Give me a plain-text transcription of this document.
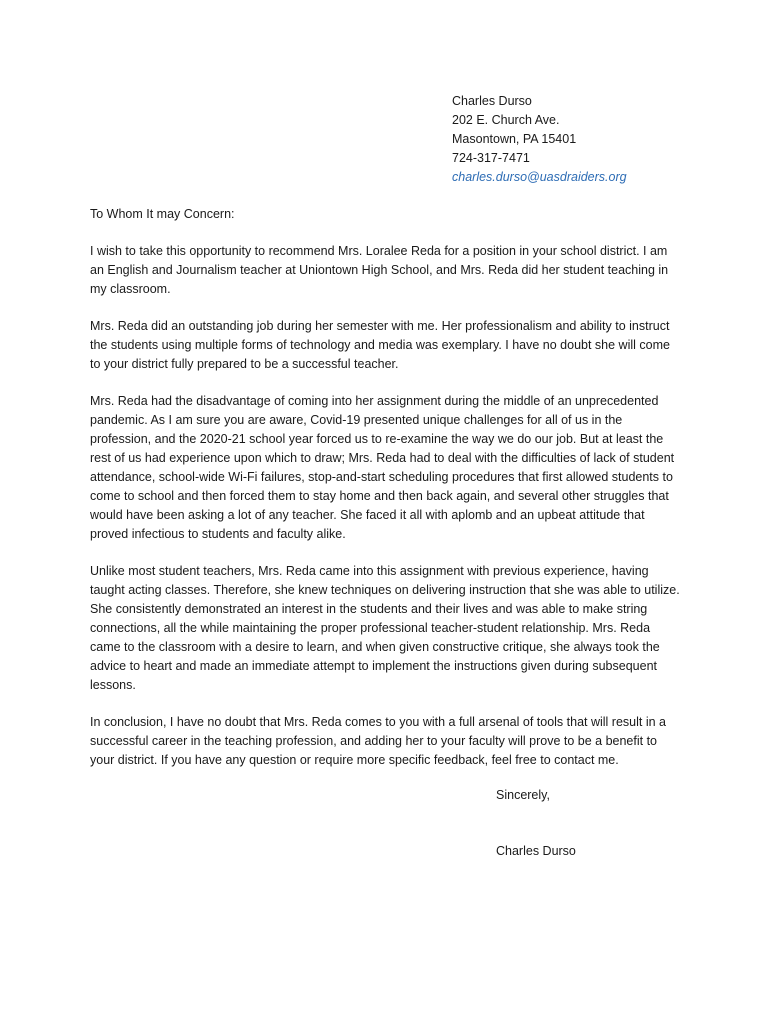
Charles Durso
202 E. Church Ave.
Masontown, PA 15401
724-317-7471
charles.durso@uasdraiders.org
To Whom It may Concern:

I wish to take this opportunity to recommend Mrs. Loralee Reda for a position in your school district. I am an English and Journalism teacher at Uniontown High School, and Mrs. Reda did her student teaching in my classroom.

Mrs. Reda did an outstanding job during her semester with me. Her professionalism and ability to instruct the students using multiple forms of technology and media was exemplary. I have no doubt she will come to your district fully prepared to be a successful teacher.

Mrs. Reda had the disadvantage of coming into her assignment during the middle of an unprecedented pandemic. As I am sure you are aware, Covid-19 presented unique challenges for all of us in the profession, and the 2020-21 school year forced us to re-examine the way we do our job. But at least the rest of us had experience upon which to draw; Mrs. Reda had to deal with the difficulties of lack of student attendance, school-wide Wi-Fi failures, stop-and-start scheduling procedures that first allowed students to come to school and then forced them to stay home and then back again, and several other struggles that would have been asking a lot of any teacher. She faced it all with aplomb and an upbeat attitude that proved infectious to students and faculty alike.

Unlike most student teachers, Mrs. Reda came into this assignment with previous experience, having taught acting classes. Therefore, she knew techniques on delivering instruction that she was able to utilize. She consistently demonstrated an interest in the students and their lives and was able to make string connections, all the while maintaining the proper professional teacher-student relationship. Mrs. Reda came to the classroom with a desire to learn, and when given constructive critique, she always took the advice to heart and made an immediate attempt to implement the instructions given during subsequent lessons.

In conclusion, I have no doubt that Mrs. Reda comes to you with a full arsenal of tools that will result in a successful career in the teaching profession, and adding her to your faculty will prove to be a benefit to your district. If you have any question or require more specific feedback, feel free to contact me.

Sincerely,
Charles Durso
